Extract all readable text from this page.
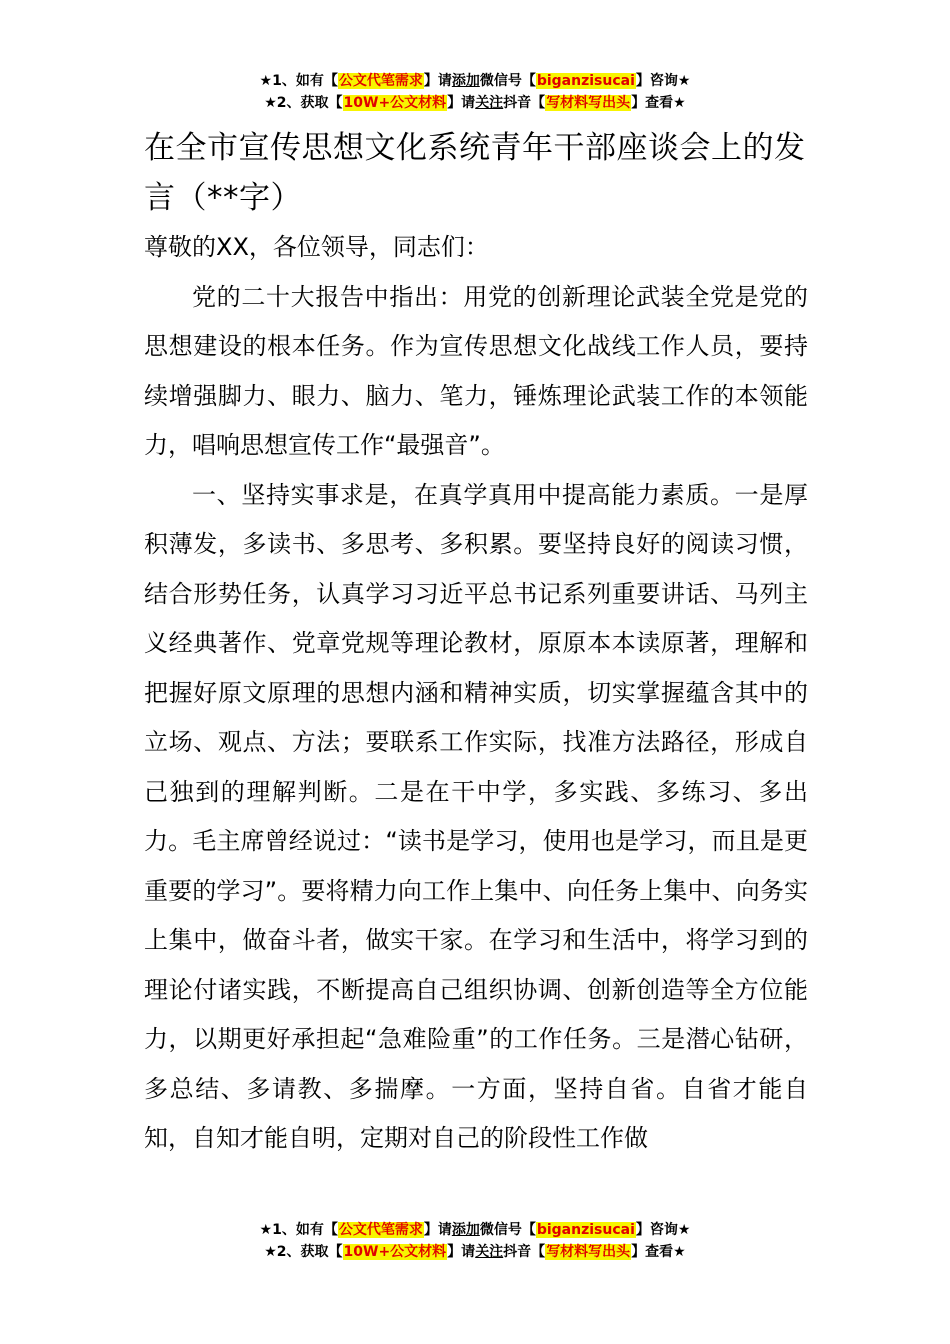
★1、如有【公文代笔需求】请添加微信号【biganzisucai】咨询★
★2、获取【10W+公文材料】请关注抖音【写材料写出头】查看★
在全市宣传思想文化系统青年干部座谈会上的发言（**字）

尊敬的XX，各位领导，同志们：

党的二十大报告中指出：用党的创新理论武装全党是党的思想建设的根本任务。作为宣传思想文化战线工作人员，要持续增强脚力、眼力、脑力、笔力，锤炼理论武装工作的本领能力，唱响思想宣传工作“最强音”。

一、坚持实事求是，在真学真用中提高能力素质。一是厚积薄发，多读书、多思考、多积累。要坚持良好的阅读习惯，结合形势任务，认真学习习近平总书记系列重要讲话、马列主义经典著作、党章党规等理论教材，原原本本读原著，理解和把握好原文原理的思想内涵和精神实质，切实掌握蕴含其中的立场、观点、方法；要联系工作实际，找准方法路径，形成自己独到的理解判断。二是在干中学，多实践、多练习、多出力。毛主席曾经说过：“读书是学习，使用也是学习，而且是更重要的学习”。要将精力向工作上集中、向任务上集中、向务实上集中，做奋斗者，做实干家。在学习和生活中，将学习到的理论付诸实践，不断提高自己组织协调、创新创造等全方位能力，以期更好承担起“急难险重”的工作任务。三是潜心钻研，多总结、多请教、多揣摩。一方面，坚持自省。自省才能自知，自知才能自明，定期对自己的阶段性工作做

★1、如有【公文代笔需求】请添加微信号【biganzisucai】咨询★
★2、获取【10W+公文材料】请关注抖音【写材料写出头】查看★
